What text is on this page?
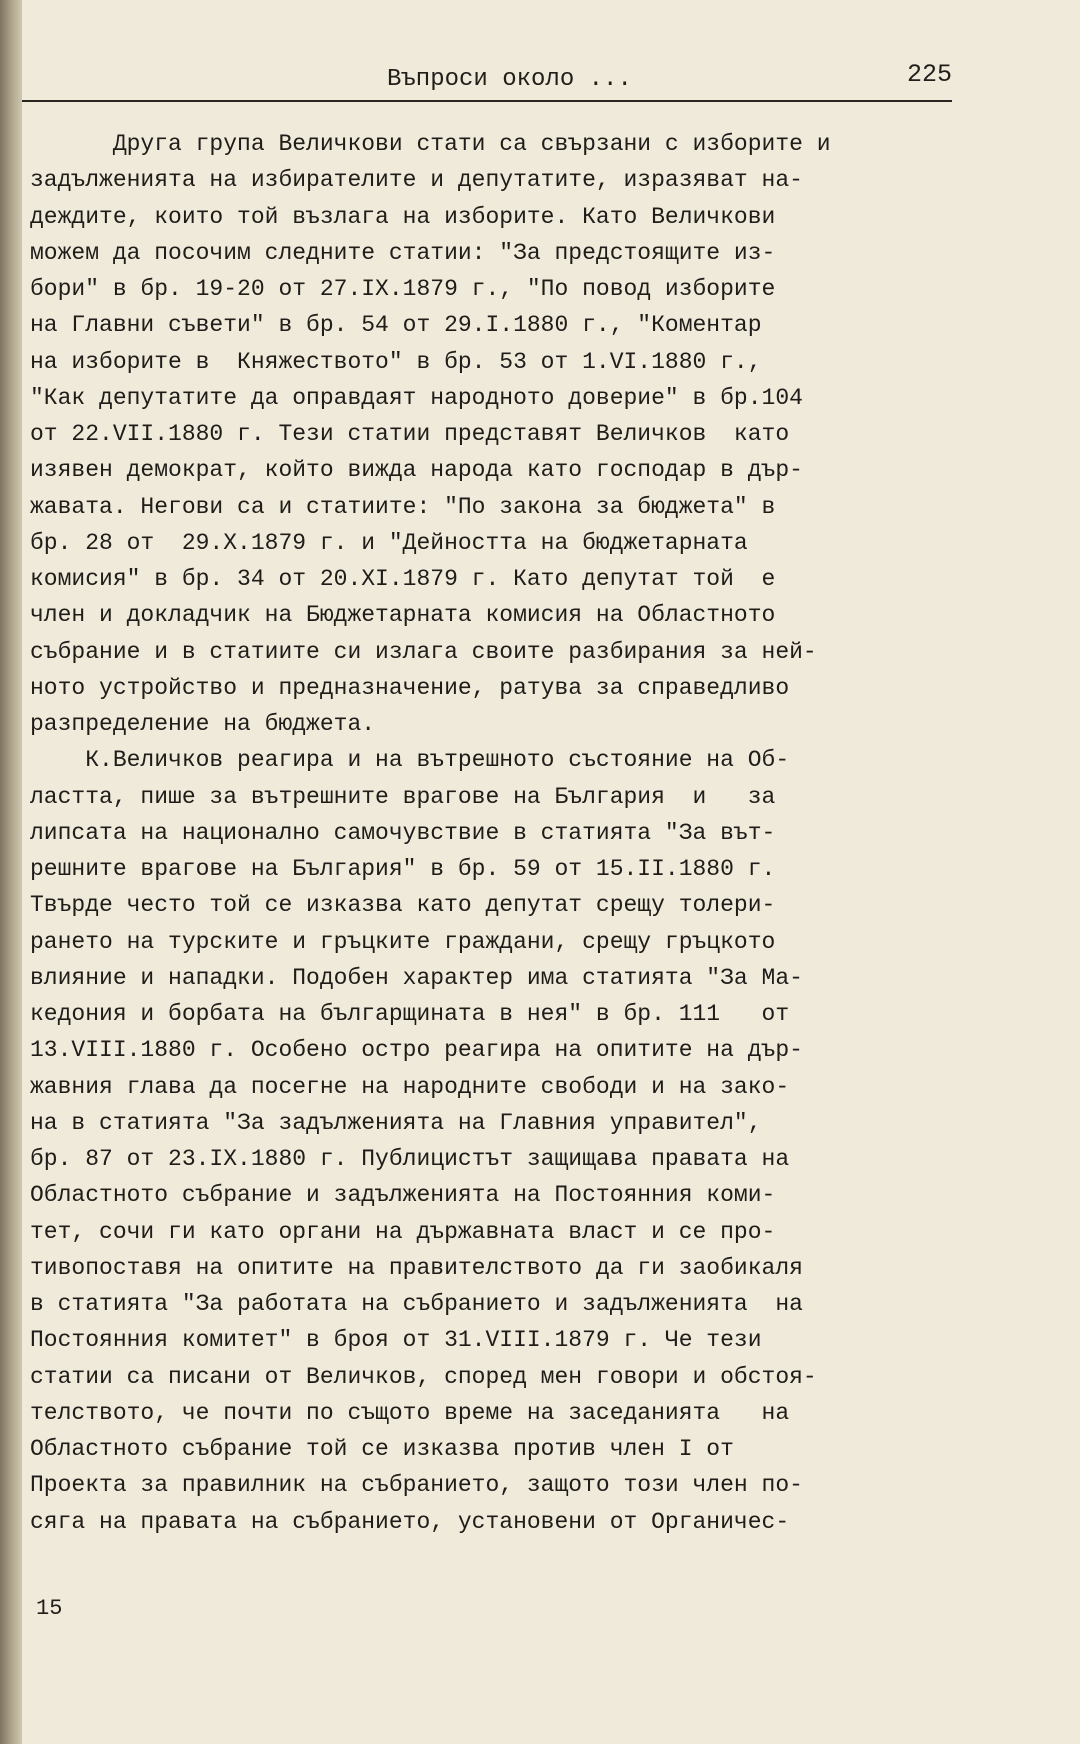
Въпроси около ...	225
Друга група Величкови стати са свързани с изборите и
задълженията на избирателите и депутатите, изразяват на-
деждите, които той възлага на изборите. Като Величкови
можем да посочим следните статии: "За предстоящите из-
бори" в бр. 19-20 от 27.IX.1879 г., "По повод изборите
на Главни съвети" в бр. 54 от 29.I.1880 г., "Коментар
на изборите в  Княжеството" в бр. 53 от 1.VI.1880 г.,
"Как депутатите да оправдаят народното доверие" в бр.104
от 22.VII.1880 г. Тези статии представят Величков  като
изявен демократ, който вижда народа като господар в дър-
жавата. Негови са и статиите: "По закона за бюджета" в
бр. 28 от  29.X.1879 г. и "Дейността на бюджетарната
комисия" в бр. 34 от 20.XI.1879 г. Като депутат той  е
член и докладчик на Бюджетарната комисия на Областното
събрание и в статиите си излага своите разбирания за ней-
ното устройство и предназначение, ратува за справедливо
разпределение на бюджета.
К.Величков реагира и на вътрешното състояние на Об-
ластта, пише за вътрешните врагове на България  и   за
липсата на национално самочувствие в статията "За вът-
решните врагове на България" в бр. 59 от 15.II.1880 г.
Твърде често той се изказва като депутат срещу толери-
рането на турските и гръцките граждани, срещу гръцкото
влияние и нападки. Подобен характер има статията "За Ма-
кедония и борбата на българщината в нея" в бр. 111   от
13.VIII.1880 г. Особено остро реагира на опитите на дър-
жавния глава да посегне на народните свободи и на зако-
на в статията "За задълженията на Главния управител",
бр. 87 от 23.IX.1880 г. Публицистът защищава правата на
Областното събрание и задълженията на Постоянния коми-
тет, сочи ги като органи на държавната власт и се про-
тивопоставя на опитите на правителството да ги заобикаля
в статията "За работата на събранието и задълженията  на
Постоянния комитет" в броя от 31.VIII.1879 г. Че тези
статии са писани от Величков, според мен говори и обстоя-
телството, че почти по същото време на заседанията   на
Областното събрание той се изказва против член I от
Проекта за правилник на събранието, защото този член по-
сяга на правата на събранието, установени от Органичес-
15
